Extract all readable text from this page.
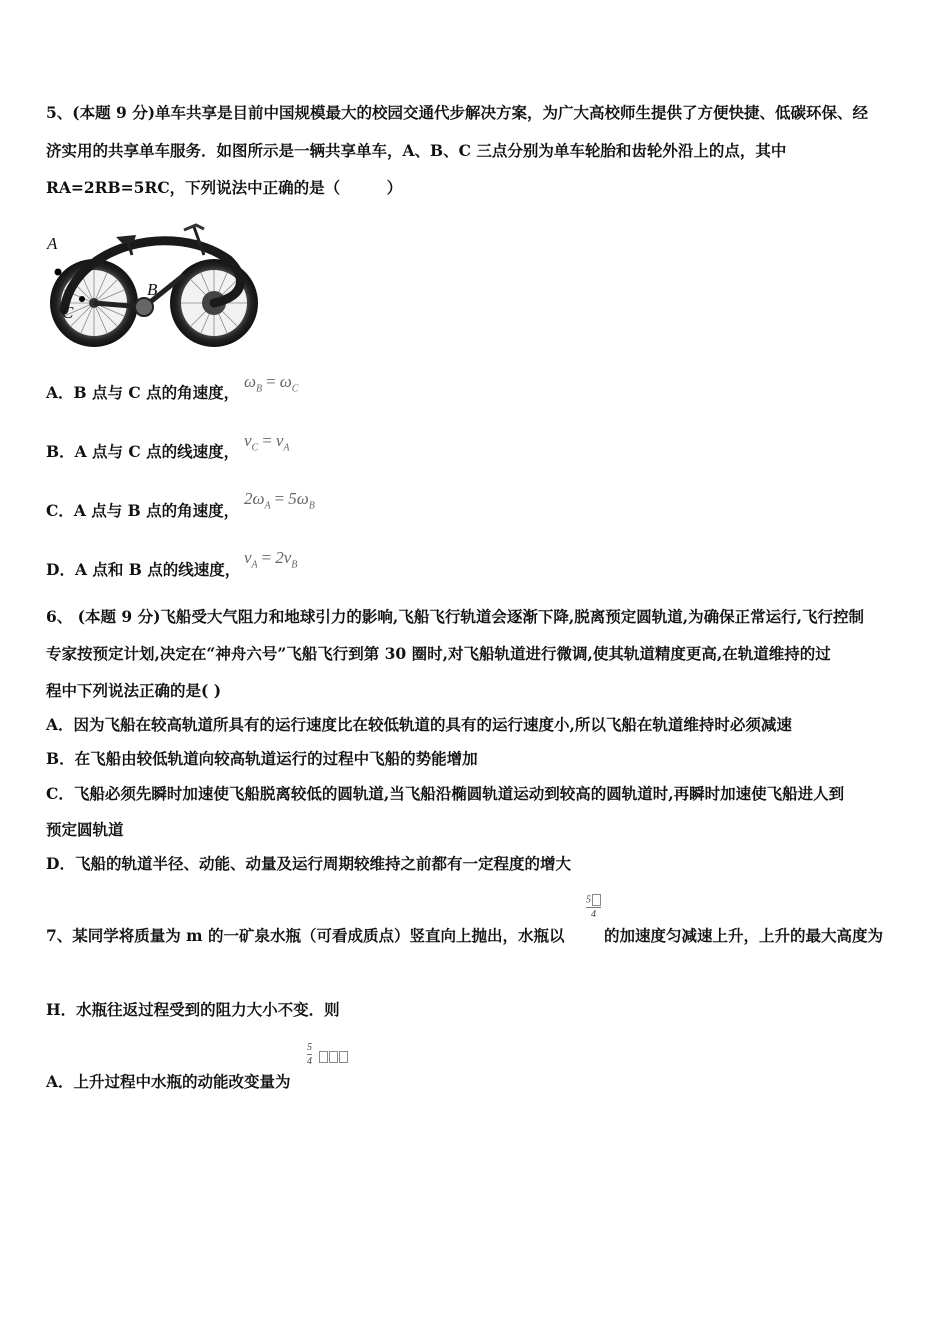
5、(本题 9 分)单车共享是目前中国规模最大的校园交通代步解决方案，为广大高校师生提供了方便快捷、低碳环保、经
济实用的共享单车服务．如图所示是一辆共享单车，A、B、C 三点分别为单车轮胎和齿轮外沿上的点，其中
RA=2RB=5RC，下列说法中正确的是（　　　）
A
B
C
A．B 点与 C 点的角速度，
$\omega_B = \omega_C$
B．A 点与 C 点的线速度，
$v_C = v_A$
C．A 点与 B 点的角速度，
$2\omega_A = 5\omega_B$
D．A 点和 B 点的线速度，
$v_A = 2v_B$
6、 (本题 9 分)飞船受大气阻力和地球引力的影响,飞船飞行轨道会逐渐下降,脱离预定圆轨道,为确保正常运行,飞行控制
专家按预定计划,决定在“神舟六号”飞船飞行到第 30 圈时,对飞船轨道进行微调,使其轨道精度更高,在轨道维持的过
程中下列说法正确的是( )
A．因为飞船在较高轨道所具有的运行速度比在较低轨道的具有的运行速度小,所以飞船在轨道维持时必须减速
B．在飞船由较低轨道向较高轨道运行的过程中飞船的势能增加
C．飞船必须先瞬时加速使飞船脱离较低的圆轨道,当飞船沿椭圆轨道运动到较高的圆轨道时,再瞬时加速使飞船进人到
预定圆轨道
D．飞船的轨道半径、动能、动量及运行周期较维持之前都有一定程度的增大
7、某同学将质量为 m 的一矿泉水瓶（可看成质点）竖直向上抛出，水瓶以
5
4
的加速度匀减速上升，上升的最大高度为
H．水瓶往返过程受到的阻力大小不变．则
5
4
A．上升过程中水瓶的动能改变量为
